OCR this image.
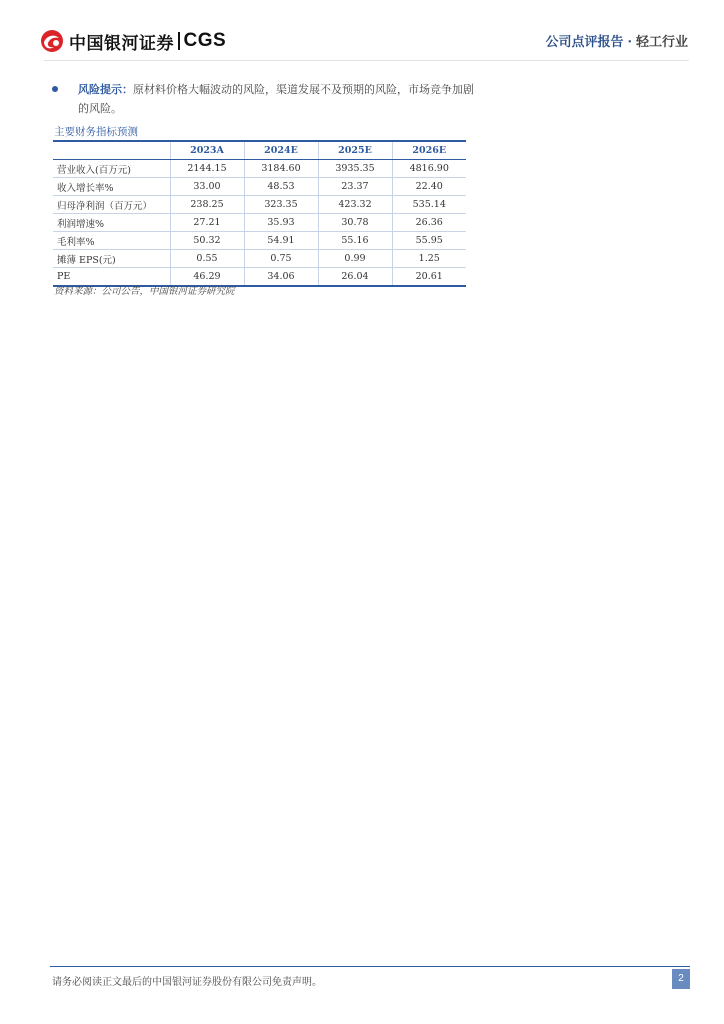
中国银河证券 CGS	公司点评报告 · 轻工行业
风险提示：原材料价格大幅波动的风险，渠道发展不及预期的风险，市场竞争加剧的风险。
主要财务指标预测
	2023A	2024E	2025E	2026E
营业收入(百万元)	2144.15	3184.60	3935.35	4816.90
收入增长率%	33.00	48.53	23.37	22.40
归母净利润（百万元）	238.25	323.35	423.32	535.14
利润增速%	27.21	35.93	30.78	26.36
毛利率%	50.32	54.91	55.16	55.95
摊薄 EPS(元)	0.55	0.75	0.99	1.25
PE	46.29	34.06	26.04	20.61
资料来源：公司公告，中国银河证券研究院
请务必阅读正文最后的中国银河证券股份有限公司免责声明。	2
